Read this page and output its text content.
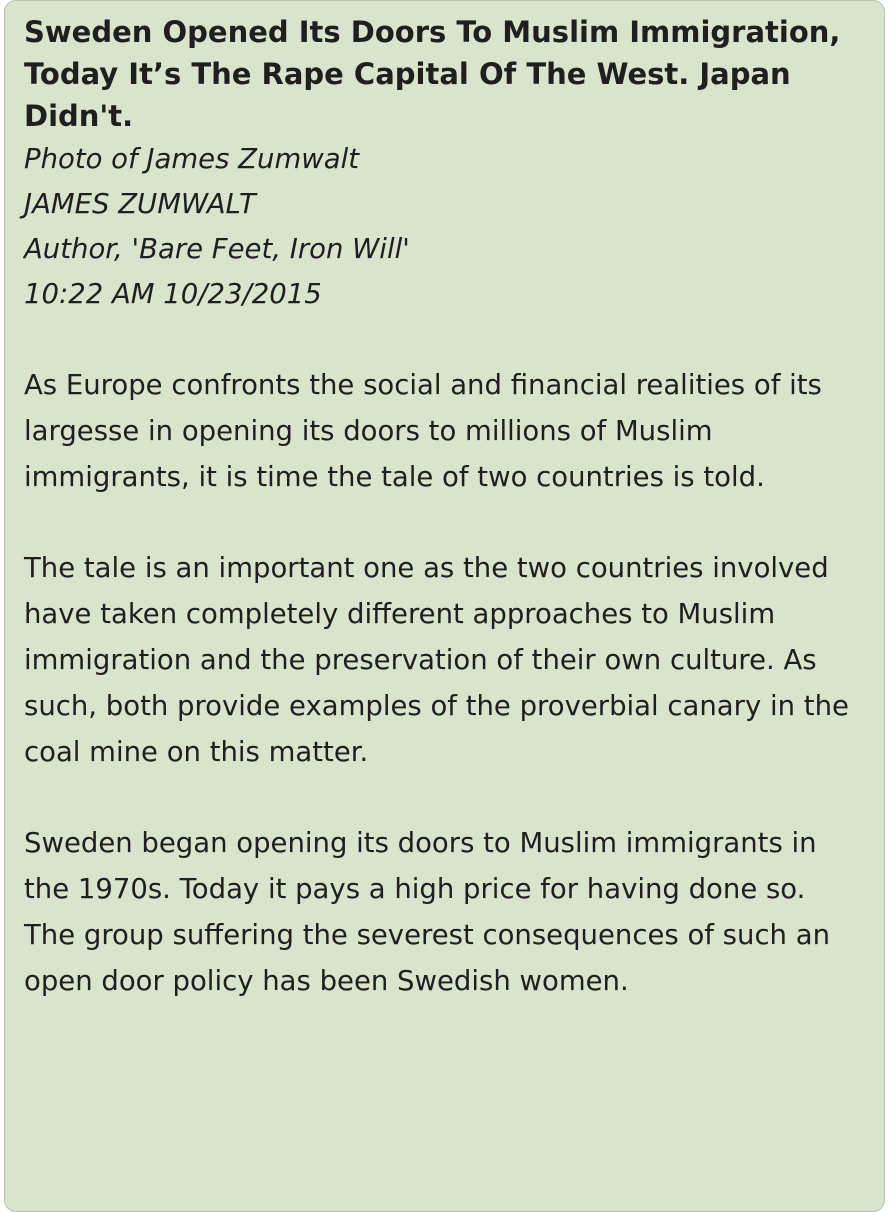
Sweden Opened Its Doors To Muslim Immigration, Today It’s The Rape Capital Of The West. Japan Didn't.
Photo of James Zumwalt
JAMES ZUMWALT
Author, 'Bare Feet, Iron Will'
10:22 AM 10/23/2015

As Europe confronts the social and financial realities of its largesse in opening its doors to millions of Muslim immigrants, it is time the tale of two countries is told.

The tale is an important one as the two countries involved have taken completely different approaches to Muslim immigration and the preservation of their own culture. As such, both provide examples of the proverbial canary in the coal mine on this matter.

Sweden began opening its doors to Muslim immigrants in the 1970s. Today it pays a high price for having done so. The group suffering the severest consequences of such an open door policy has been Swedish women.
